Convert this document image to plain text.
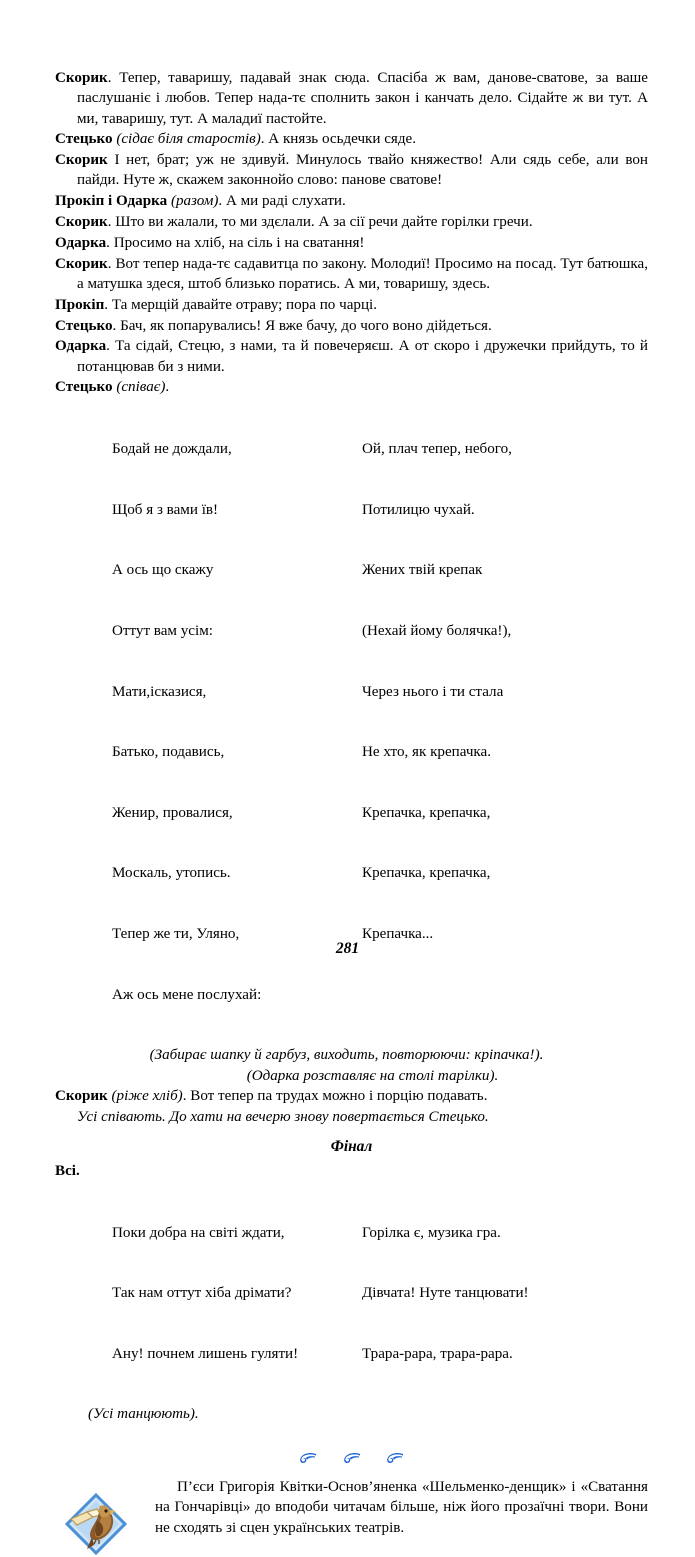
Скорик. Тепер, таваришу, падавай знак сюда. Спасіба ж вам, данове-сватове, за ваше паслушаніє і любов. Тепер нада-тє сполнить закон і канчать дело. Сідайте ж ви тут. А ми, таваришу, тут. А маладиї пастойте.

Стецько (сідає біля старостів). А князь осьдечки сяде.

Скорик І нет, брат; уж не здивуй. Минулось твайо княжество! Али сядь себе, али вон пайди. Нуте ж, скажем законнойо слово: панове сватове!

Прокіп і Одарка (разом). А ми раді слухати.

Скорик. Што ви жалали, то ми здєлали. А за сії речи дайте горілки гречи.

Одарка. Просимо на хліб, на сіль і на сватання!

Скорик. Вот тепер нада-тє садавитца по закону. Молодиї! Просимо на посад. Тут батюшка, а матушка здеся, штоб близько поратись. А ми, товаришу, здесь.

Прокіп. Та мерщій давайте отраву; пора по чарці.

Стецько. Бач, як попарувались! Я вже бачу, до чого воно дійдеться.

Одарка. Та сідай, Стецю, з нами, та й повечеряєш. А от скоро і дружечки прийдуть, то й потанцював би з ними.

Стецько (співає).

Бодай не дождали,

Щоб я з вами їв!

А ось що скажу

Оттут вам усім:

Мати,ісказися,

Батько, подавись,

Женир, провалися,

Москаль, утопись.

Тепер же ти, Уляно,

Аж ось мене послухай:

Ой, плач тепер, небого,

Потилицю чухай.

Жених твій крепак

(Нехай йому болячка!),

Через нього і ти стала

Не хто, як крепачка.

Крепачка, крепачка,

Крепачка, крепачка,

Крепачка...

(Забирає шапку й гарбуз, виходить, повторюючи: кріпачка!).

(Одарка розставляє на столі тарілки).

Скорик (ріже хліб). Вот тепер па трудах можно і порцію подавать.

Усі співають. До хати на вечерю знову повертається Стецько.

Фінал

Всі.

Поки добра на світі ждати,

Так нам оттут хіба дрімати?

Ану! почнем лишень гуляти!

Горілка є, музика гра.

Дівчата! Нуте танцювати!

Трара-рара, трара-рара.

(Усі танцюють).

П’єси Григорія Квітки-Основ’яненка «Шельменко-денщик» і «Сватання на Гончарівці» до вподоби читачам більше, ніж його прозаїчні твори. Вони не сходять зі сцен українських театрів.

281
